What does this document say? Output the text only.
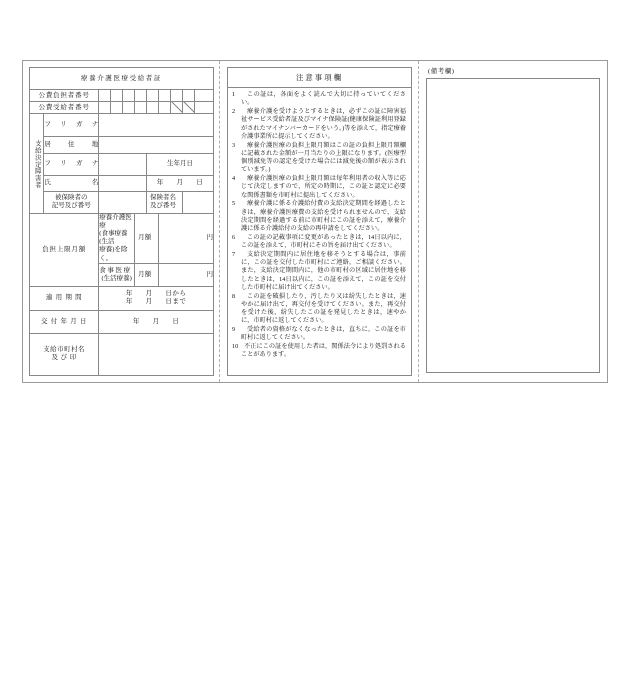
療養介護医療受給者証										
公費負担者番号										
公費受給者番号										

支給決定障害者	フ リ ガ ナ									
	居 住 地									
	フ リ ガ ナ					生年月日				
	氏 名					年 月 日				

被保険者の
記号及び番号

保険者名
及び番号

負担上限月額		療養介護医療
(食事療養(生活
療養)を除く。			月額		円			

		食 事 医 療
(生活療養)			月額		円			
適 用 期 間		年 月 日から
年 月 日まで								

交 付 年 月 日		年 月 日								

支給市町村名
及 び 印										

注意事項欄
1	この証は，各面をよく読んで大切に持っていてください。
2	療養介護を受けようとするときは，必ずこの証に障害福祉サービス受給者証及びマイナ保険証(健康保険証利用登録がされたマイナンバーカードをいう。)等を添えて，指定療養介護事業所に提示してください。
3	療養介護医療の負担上限月額はこの証の負担上限月額欄に記載された金額が一月当たりの上限になります。(医療型個別減免等の認定を受けた場合には減免後の額が表示されています。)
4	療養介護医療の負担上限月額は毎年利用者の収入等に応じて決定しますので，所定の時期に，この証と認定に必要な関係書類を市町村に提出してください。
5	療養介護に係る介護給付費の支給決定期間を経過したときは，療養介護医療費の支給を受けられませんので，支給決定期間を経過する前に市町村にこの証を添えて，療養介護に係る介護給付の支給の再申請をしてください。
6	この証の記載事項に変更があったときは，14日以内に，この証を添えて，市町村にその旨を届け出てください。
7	支給決定期間内に居住地を移そうとする場合は，事前に，この証を交付した市町村にご連絡，ご相談ください。また，支給決定期間内に，他の市町村の区域に居住地を移したときは，14日以内に，この証を添えて，この証を交付した市町村に届け出てください。
8	この証を破損したり，汚したり又は紛失したときは，速やかに届け出て，再交付を受けてください。また，再交付を受けた後，紛失したこの証を発見したときは，速やかに，市町村に返してください。
9	受給者の資格がなくなったときは，直ちに，この証を市町村に返してください。
10 不正にこの証を使用した者は，関係法令により処罰されることがあります。
(備考欄)
